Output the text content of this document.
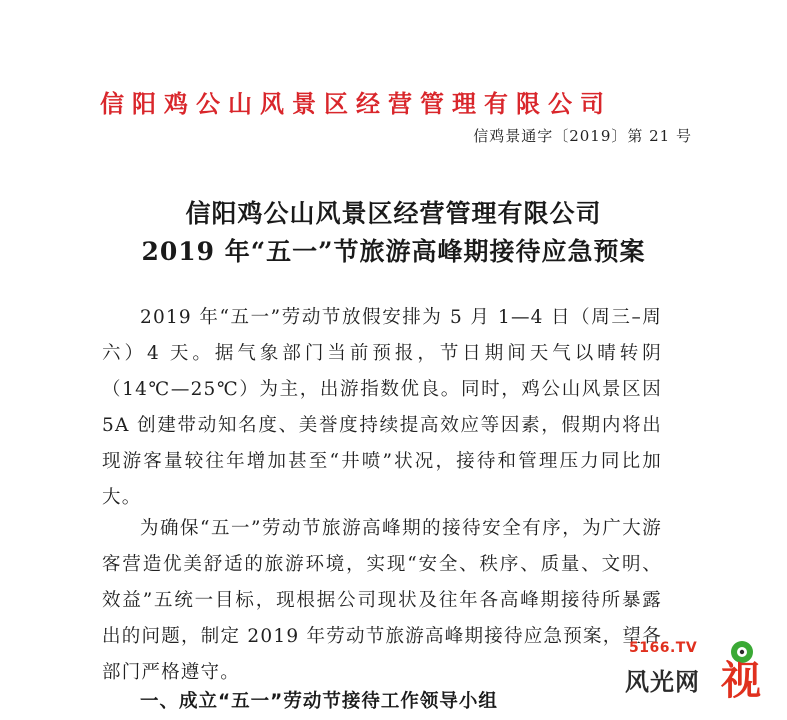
信阳鸡公山风景区经营管理有限公司
信鸡景通字〔2019〕第 21 号
信阳鸡公山风景区经营管理有限公司
2019 年“五一”节旅游高峰期接待应急预案
2019 年“五一”劳动节放假安排为 5 月 1—4 日（周三–周六）4 天。据气象部门当前预报，节日期间天气以晴转阴（14℃—25℃）为主，出游指数优良。同时，鸡公山风景区因 5A 创建带动知名度、美誉度持续提高效应等因素，假期内将出现游客量较往年增加甚至“井喷”状况，接待和管理压力同比加大。
为确保“五一”劳动节旅游高峰期的接待安全有序，为广大游客营造优美舒适的旅游环境，实现“安全、秩序、质量、文明、效益”五统一目标，现根据公司现状及往年各高峰期接待所暴露出的问题，制定 2019 年劳动节旅游高峰期接待应急预案，望各部门严格遵守。
一、成立“五一”劳动节接待工作领导小组
5166.TV
风光网 视
